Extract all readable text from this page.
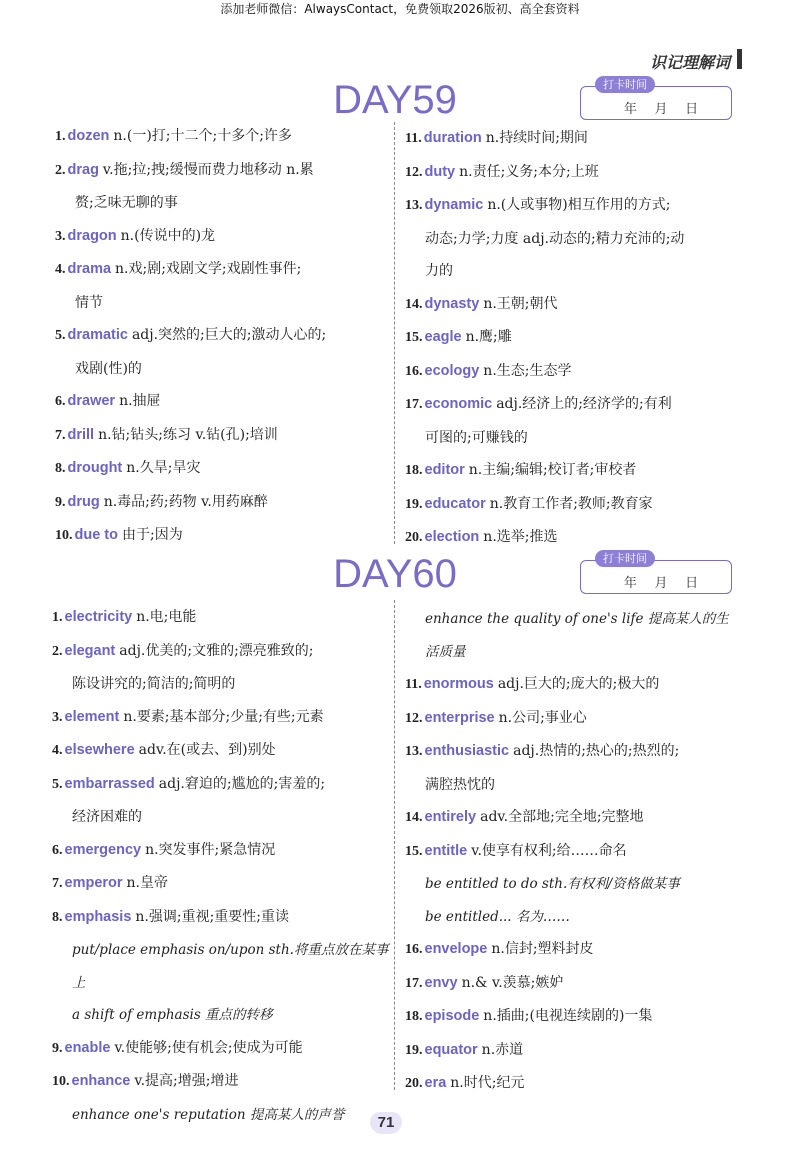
添加老师微信：AlwaysContact，免费领取2026版初、高全套资料
识记理解词
DAY59	打卡时间
年 月 日
1. dozen n.(一)打;十二个;十多个;许多
2. drag v.拖;拉;拽;缓慢而费力地移动 n.累
赘;乏味无聊的事
3. dragon n.(传说中的)龙
4. drama n.戏;剧;戏剧文学;戏剧性事件;
情节
5. dramatic adj.突然的;巨大的;激动人心的;
戏剧(性)的
6. drawer n.抽屉
7. drill n.钻;钻头;练习 v.钻(孔);培训
8. drought n.久旱;旱灾
9. drug n.毒品;药;药物 v.用药麻醉
10. due to 由于;因为
11. duration n.持续时间;期间
12. duty n.责任;义务;本分;上班
13. dynamic n.(人或事物)相互作用的方式;
动态;力学;力度 adj.动态的;精力充沛的;动
力的
14. dynasty n.王朝;朝代
15. eagle n.鹰;雕
16. ecology n.生态;生态学
17. economic adj.经济上的;经济学的;有利
可图的;可赚钱的
18. editor n.主编;编辑;校订者;审校者
19. educator n.教育工作者;教师;教育家
20. election n.选举;推选
DAY60	打卡时间
年 月 日
1. electricity n.电;电能
2. elegant adj.优美的;文雅的;漂亮雅致的;
陈设讲究的;简洁的;简明的
3. element n.要素;基本部分;少量;有些;元素
4. elsewhere adv.在(或去、到)别处
5. embarrassed adj.窘迫的;尴尬的;害羞的;
经济困难的
6. emergency n.突发事件;紧急情况
7. emperor n.皇帝
8. emphasis n.强调;重视;重要性;重读
put/place emphasis on/upon sth.将重点放在某事上
a shift of emphasis 重点的转移
9. enable v.使能够;使有机会;使成为可能
10. enhance v.提高;增强;增进
enhance one's reputation 提高某人的声誉
enhance the quality of one's life 提高某人的生
活质量
11. enormous adj.巨大的;庞大的;极大的
12. enterprise n.公司;事业心
13. enthusiastic adj.热情的;热心的;热烈的;
满腔热忱的
14. entirely adv.全部地;完全地;完整地
15. entitle v.使享有权利;给……命名
be entitled to do sth.有权利/资格做某事
be entitled... 名为……
16. envelope n.信封;塑料封皮
17. envy n.& v.羡慕;嫉妒
18. episode n.插曲;(电视连续剧的)一集
19. equator n.赤道
20. era n.时代;纪元
71
